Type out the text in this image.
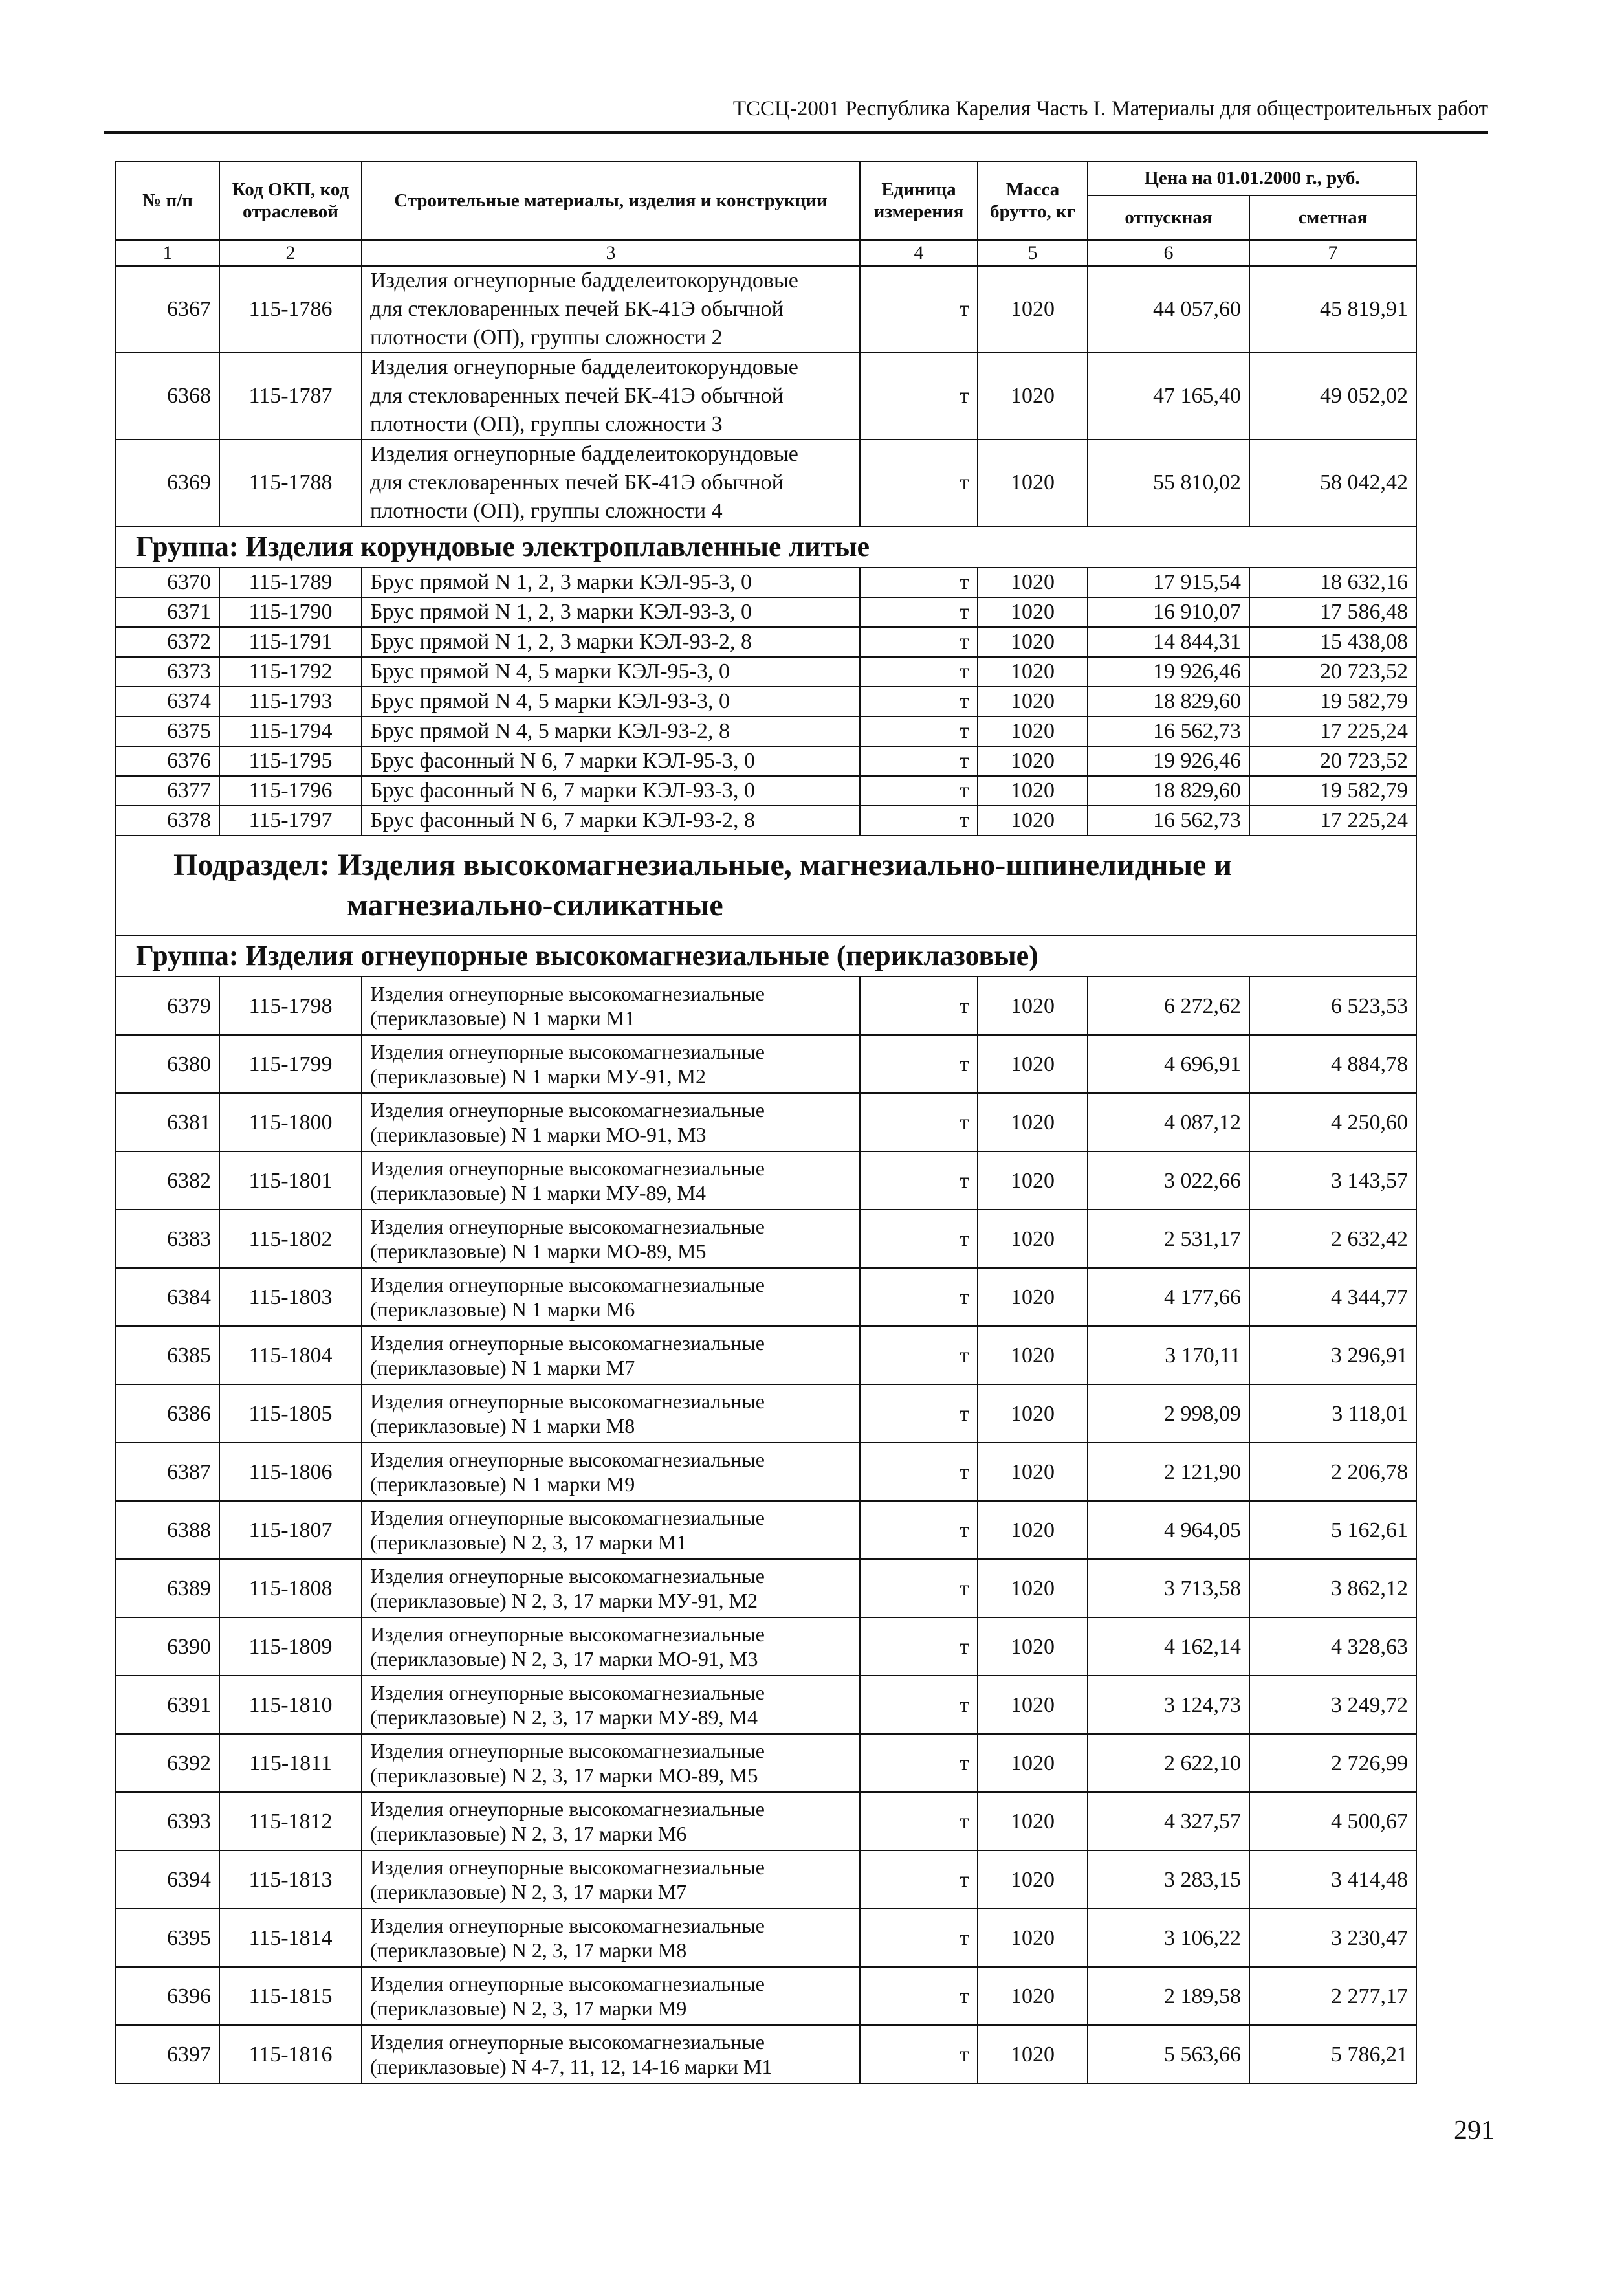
ТССЦ-2001 Республика Карелия Часть I. Материалы для общестроительных работ
№ п/п	Код ОКП, код отраслевой	Строительные материалы, изделия и конструкции	Единица измерения	Масса брутто, кг	Цена на 01.01.2000 г., руб.	
					отпускная	сметная
1	2	3	4	5	6	7
6367	115-1786	Изделия огнеупорные бадделеитокорундовые
для стекловаренных печей БК-41Э обычной
плотности (ОП), группы сложности 2	т	1020	44 057,60	45 819,91
6368	115-1787	Изделия огнеупорные бадделеитокорундовые
для стекловаренных печей БК-41Э обычной
плотности (ОП), группы сложности 3	т	1020	47 165,40	49 052,02
6369	115-1788	Изделия огнеупорные бадделеитокорундовые
для стекловаренных печей БК-41Э обычной
плотности (ОП), группы сложности 4	т	1020	55 810,02	58 042,42
Группа: Изделия корундовые электроплавленные литые						
6370	115-1789	Брус прямой N 1, 2, 3 марки КЭЛ-95-3, 0	т	1020	17 915,54	18 632,16
6371	115-1790	Брус прямой N 1, 2, 3 марки КЭЛ-93-3, 0	т	1020	16 910,07	17 586,48
6372	115-1791	Брус прямой N 1, 2, 3 марки КЭЛ-93-2, 8	т	1020	14 844,31	15 438,08
6373	115-1792	Брус прямой N 4, 5 марки КЭЛ-95-3, 0	т	1020	19 926,46	20 723,52
6374	115-1793	Брус прямой N 4, 5 марки КЭЛ-93-3, 0	т	1020	18 829,60	19 582,79
6375	115-1794	Брус прямой N 4, 5 марки КЭЛ-93-2, 8	т	1020	16 562,73	17 225,24
6376	115-1795	Брус фасонный N 6, 7 марки КЭЛ-95-3, 0	т	1020	19 926,46	20 723,52
6377	115-1796	Брус фасонный N 6, 7 марки КЭЛ-93-3, 0	т	1020	18 829,60	19 582,79
6378	115-1797	Брус фасонный N 6, 7 марки КЭЛ-93-2, 8	т	1020	16 562,73	17 225,24
Подраздел: Изделия высокомагнезиальные, магнезиально-шпинелидные и
магнезиально-силикатные						

Группа: Изделия огнеупорные высокомагнезиальные (периклазовые)						
6379	115-1798	Изделия огнеупорные высокомагнезиальные
(периклазовые) N 1 марки М1	т	1020	6 272,62	6 523,53
6380	115-1799	Изделия огнеупорные высокомагнезиальные
(периклазовые) N 1 марки МУ-91, М2	т	1020	4 696,91	4 884,78
6381	115-1800	Изделия огнеупорные высокомагнезиальные
(периклазовые) N 1 марки МО-91, М3	т	1020	4 087,12	4 250,60
6382	115-1801	Изделия огнеупорные высокомагнезиальные
(периклазовые) N 1 марки МУ-89, М4	т	1020	3 022,66	3 143,57
6383	115-1802	Изделия огнеупорные высокомагнезиальные
(периклазовые) N 1 марки МО-89, М5	т	1020	2 531,17	2 632,42
6384	115-1803	Изделия огнеупорные высокомагнезиальные
(периклазовые) N 1 марки М6	т	1020	4 177,66	4 344,77
6385	115-1804	Изделия огнеупорные высокомагнезиальные
(периклазовые) N 1 марки М7	т	1020	3 170,11	3 296,91
6386	115-1805	Изделия огнеупорные высокомагнезиальные
(периклазовые) N 1 марки М8	т	1020	2 998,09	3 118,01
6387	115-1806	Изделия огнеупорные высокомагнезиальные
(периклазовые) N 1 марки М9	т	1020	2 121,90	2 206,78
6388	115-1807	Изделия огнеупорные высокомагнезиальные
(периклазовые) N 2, 3, 17 марки М1	т	1020	4 964,05	5 162,61
6389	115-1808	Изделия огнеупорные высокомагнезиальные
(периклазовые) N 2, 3, 17 марки МУ-91, М2	т	1020	3 713,58	3 862,12
6390	115-1809	Изделия огнеупорные высокомагнезиальные
(периклазовые) N 2, 3, 17 марки МО-91, М3	т	1020	4 162,14	4 328,63
6391	115-1810	Изделия огнеупорные высокомагнезиальные
(периклазовые) N 2, 3, 17 марки МУ-89, М4	т	1020	3 124,73	3 249,72
6392	115-1811	Изделия огнеупорные высокомагнезиальные
(периклазовые) N 2, 3, 17 марки МО-89, М5	т	1020	2 622,10	2 726,99
6393	115-1812	Изделия огнеупорные высокомагнезиальные
(периклазовые) N 2, 3, 17 марки М6	т	1020	4 327,57	4 500,67
6394	115-1813	Изделия огнеупорные высокомагнезиальные
(периклазовые) N 2, 3, 17 марки М7	т	1020	3 283,15	3 414,48
6395	115-1814	Изделия огнеупорные высокомагнезиальные
(периклазовые) N 2, 3, 17 марки М8	т	1020	3 106,22	3 230,47
6396	115-1815	Изделия огнеупорные высокомагнезиальные
(периклазовые) N 2, 3, 17 марки М9	т	1020	2 189,58	2 277,17
6397	115-1816	Изделия огнеупорные высокомагнезиальные
(периклазовые) N 4-7, 11, 12, 14-16 марки М1	т	1020	5 563,66	5 786,21
291
